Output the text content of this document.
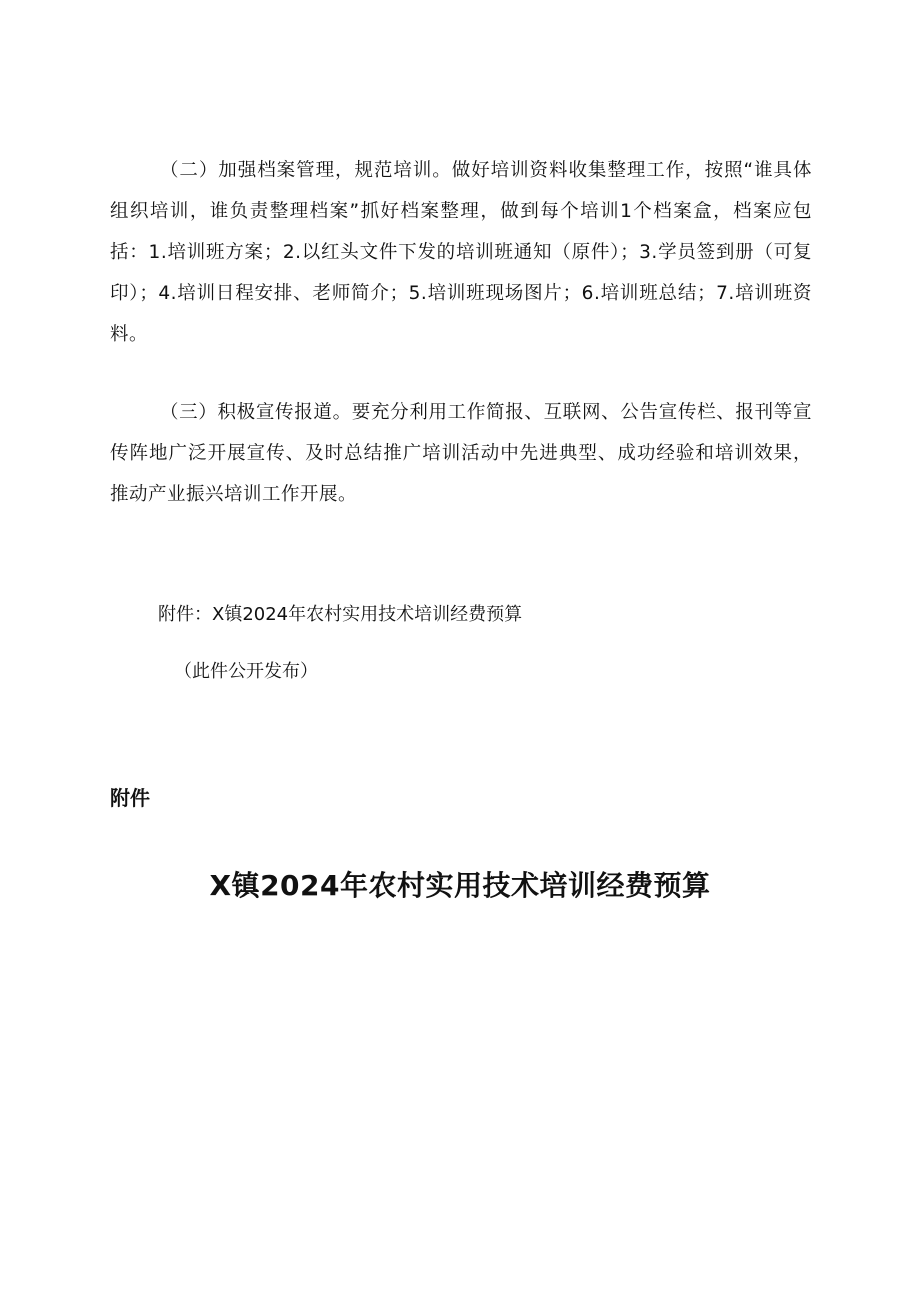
（二）加强档案管理，规范培训。做好培训资料收集整理工作，按照“谁具体组织培训，谁负责整理档案”抓好档案整理，做到每个培训1个档案盒，档案应包括：1.培训班方案；2.以红头文件下发的培训班通知（原件）；3.学员签到册（可复印）；4.培训日程安排、老师简介；5.培训班现场图片；6.培训班总结；7.培训班资料。

（三）积极宣传报道。要充分利用工作简报、互联网、公告宣传栏、报刊等宣传阵地广泛开展宣传、及时总结推广培训活动中先进典型、成功经验和培训效果，推动产业振兴培训工作开展。

附件：X镇2024年农村实用技术培训经费预算

（此件公开发布）

附件

X镇2024年农村实用技术培训经费预算
